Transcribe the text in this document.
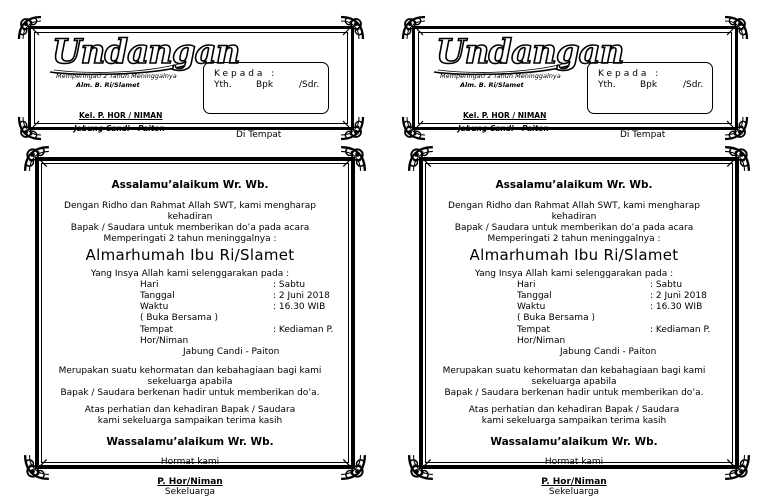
Undangan
Memperingati 2 Tahun Meninggalnya
Alm. B. Ri/Slamet
Kel. P. HOR / NIMAN
Jabung Candi - Paiton
Kepada :
Yth.	Bpk	/Sdr.
Di Tempat
Assalamu’alaikum Wr. Wb.
Dengan Ridho dan Rahmat Allah SWT, kami mengharap
kehadiran
Bapak / Saudara untuk memberikan do’a pada acara
Memperingati 2 tahun meninggalnya :
Almarhumah Ibu Ri/Slamet
Yang Insya Allah kami selenggarakan pada :
Hari	: Sabtu
Tanggal	: 2 Juni 2018
Waktu	: 16.30 WIB
( Buka Bersama )
Tempat	: Kediaman P.
Hor/Niman
Jabung Candi - Paiton
Merupakan suatu kehormatan dan kebahagiaan bagi kami
sekeluarga apabila
Bapak / Saudara berkenan hadir untuk memberikan do’a.
Atas perhatian dan kehadiran Bapak / Saudara
kami sekeluarga sampaikan terima kasih
Wassalamu’alaikum Wr. Wb.
Hormat kami
P. Hor/Niman
Sekeluarga
Undangan
Memperingati 2 Tahun Meninggalnya
Alm. B. Ri/Slamet
Kel. P. HOR / NIMAN
Jabung Candi - Paiton
Kepada :
Yth.	Bpk	/Sdr.
Di Tempat
Assalamu’alaikum Wr. Wb.
Dengan Ridho dan Rahmat Allah SWT, kami mengharap
kehadiran
Bapak / Saudara untuk memberikan do’a pada acara
Memperingati 2 tahun meninggalnya :
Almarhumah Ibu Ri/Slamet
Yang Insya Allah kami selenggarakan pada :
Hari	: Sabtu
Tanggal	: 2 Juni 2018
Waktu	: 16.30 WIB
( Buka Bersama )
Tempat	: Kediaman P.
Hor/Niman
Jabung Candi - Paiton
Merupakan suatu kehormatan dan kebahagiaan bagi kami
sekeluarga apabila
Bapak / Saudara berkenan hadir untuk memberikan do’a.
Atas perhatian dan kehadiran Bapak / Saudara
kami sekeluarga sampaikan terima kasih
Wassalamu’alaikum Wr. Wb.
Hormat kami
P. Hor/Niman
Sekeluarga
